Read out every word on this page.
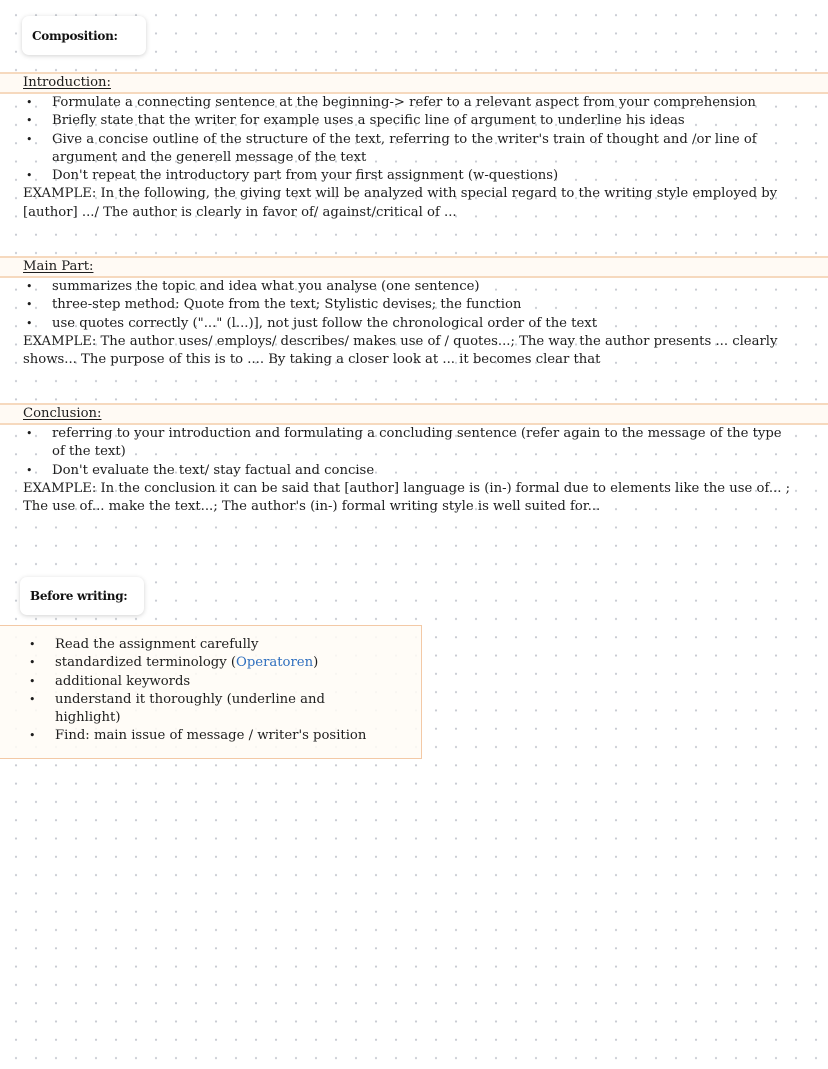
Composition:
Introduction:
• Formulate a connecting sentence at the beginning-> refer to a relevant aspect from your comprehension
• Briefly state that the writer for example uses a specific line of argument to underline his ideas
• Give a concise outline of the structure of the text, referring to the writer's train of thought and /or line of argument and the generell message of the text
• Don't repeat the introductory part from your first assignment (w-questions)
EXAMPLE: In the following, the giving text will be analyzed with special regard to the writing style employed by [author] .../ The author is clearly in favor of/ against/critical of ...
Main Part:
• summarizes the topic and idea what you analyse (one sentence)
• three-step method: Quote from the text; Stylistic devises; the function
• use quotes correctly ("..." (l...)], not just follow the chronological order of the text
EXAMPLE: The author uses/ employs/ describes/ makes use of / quotes...; The way the author presents ... clearly shows... The purpose of this is to .... By taking a closer look at ... it becomes clear that
Conclusion:
• referring to your introduction and formulating a concluding sentence (refer again to the message of the type of the text)
• Don't evaluate the text/ stay factual and concise
EXAMPLE: In the conclusion it can be said that [author] language is (in-) formal due to elements like the use of... ; The use of... make the text...; The author's (in-) formal writing style is well suited for...
Before writing:
• Read the assignment carefully
• standardized terminology (Operatoren)
• additional keywords
• understand it thoroughly (underline and highlight)
• Find: main issue of message / writer's position
